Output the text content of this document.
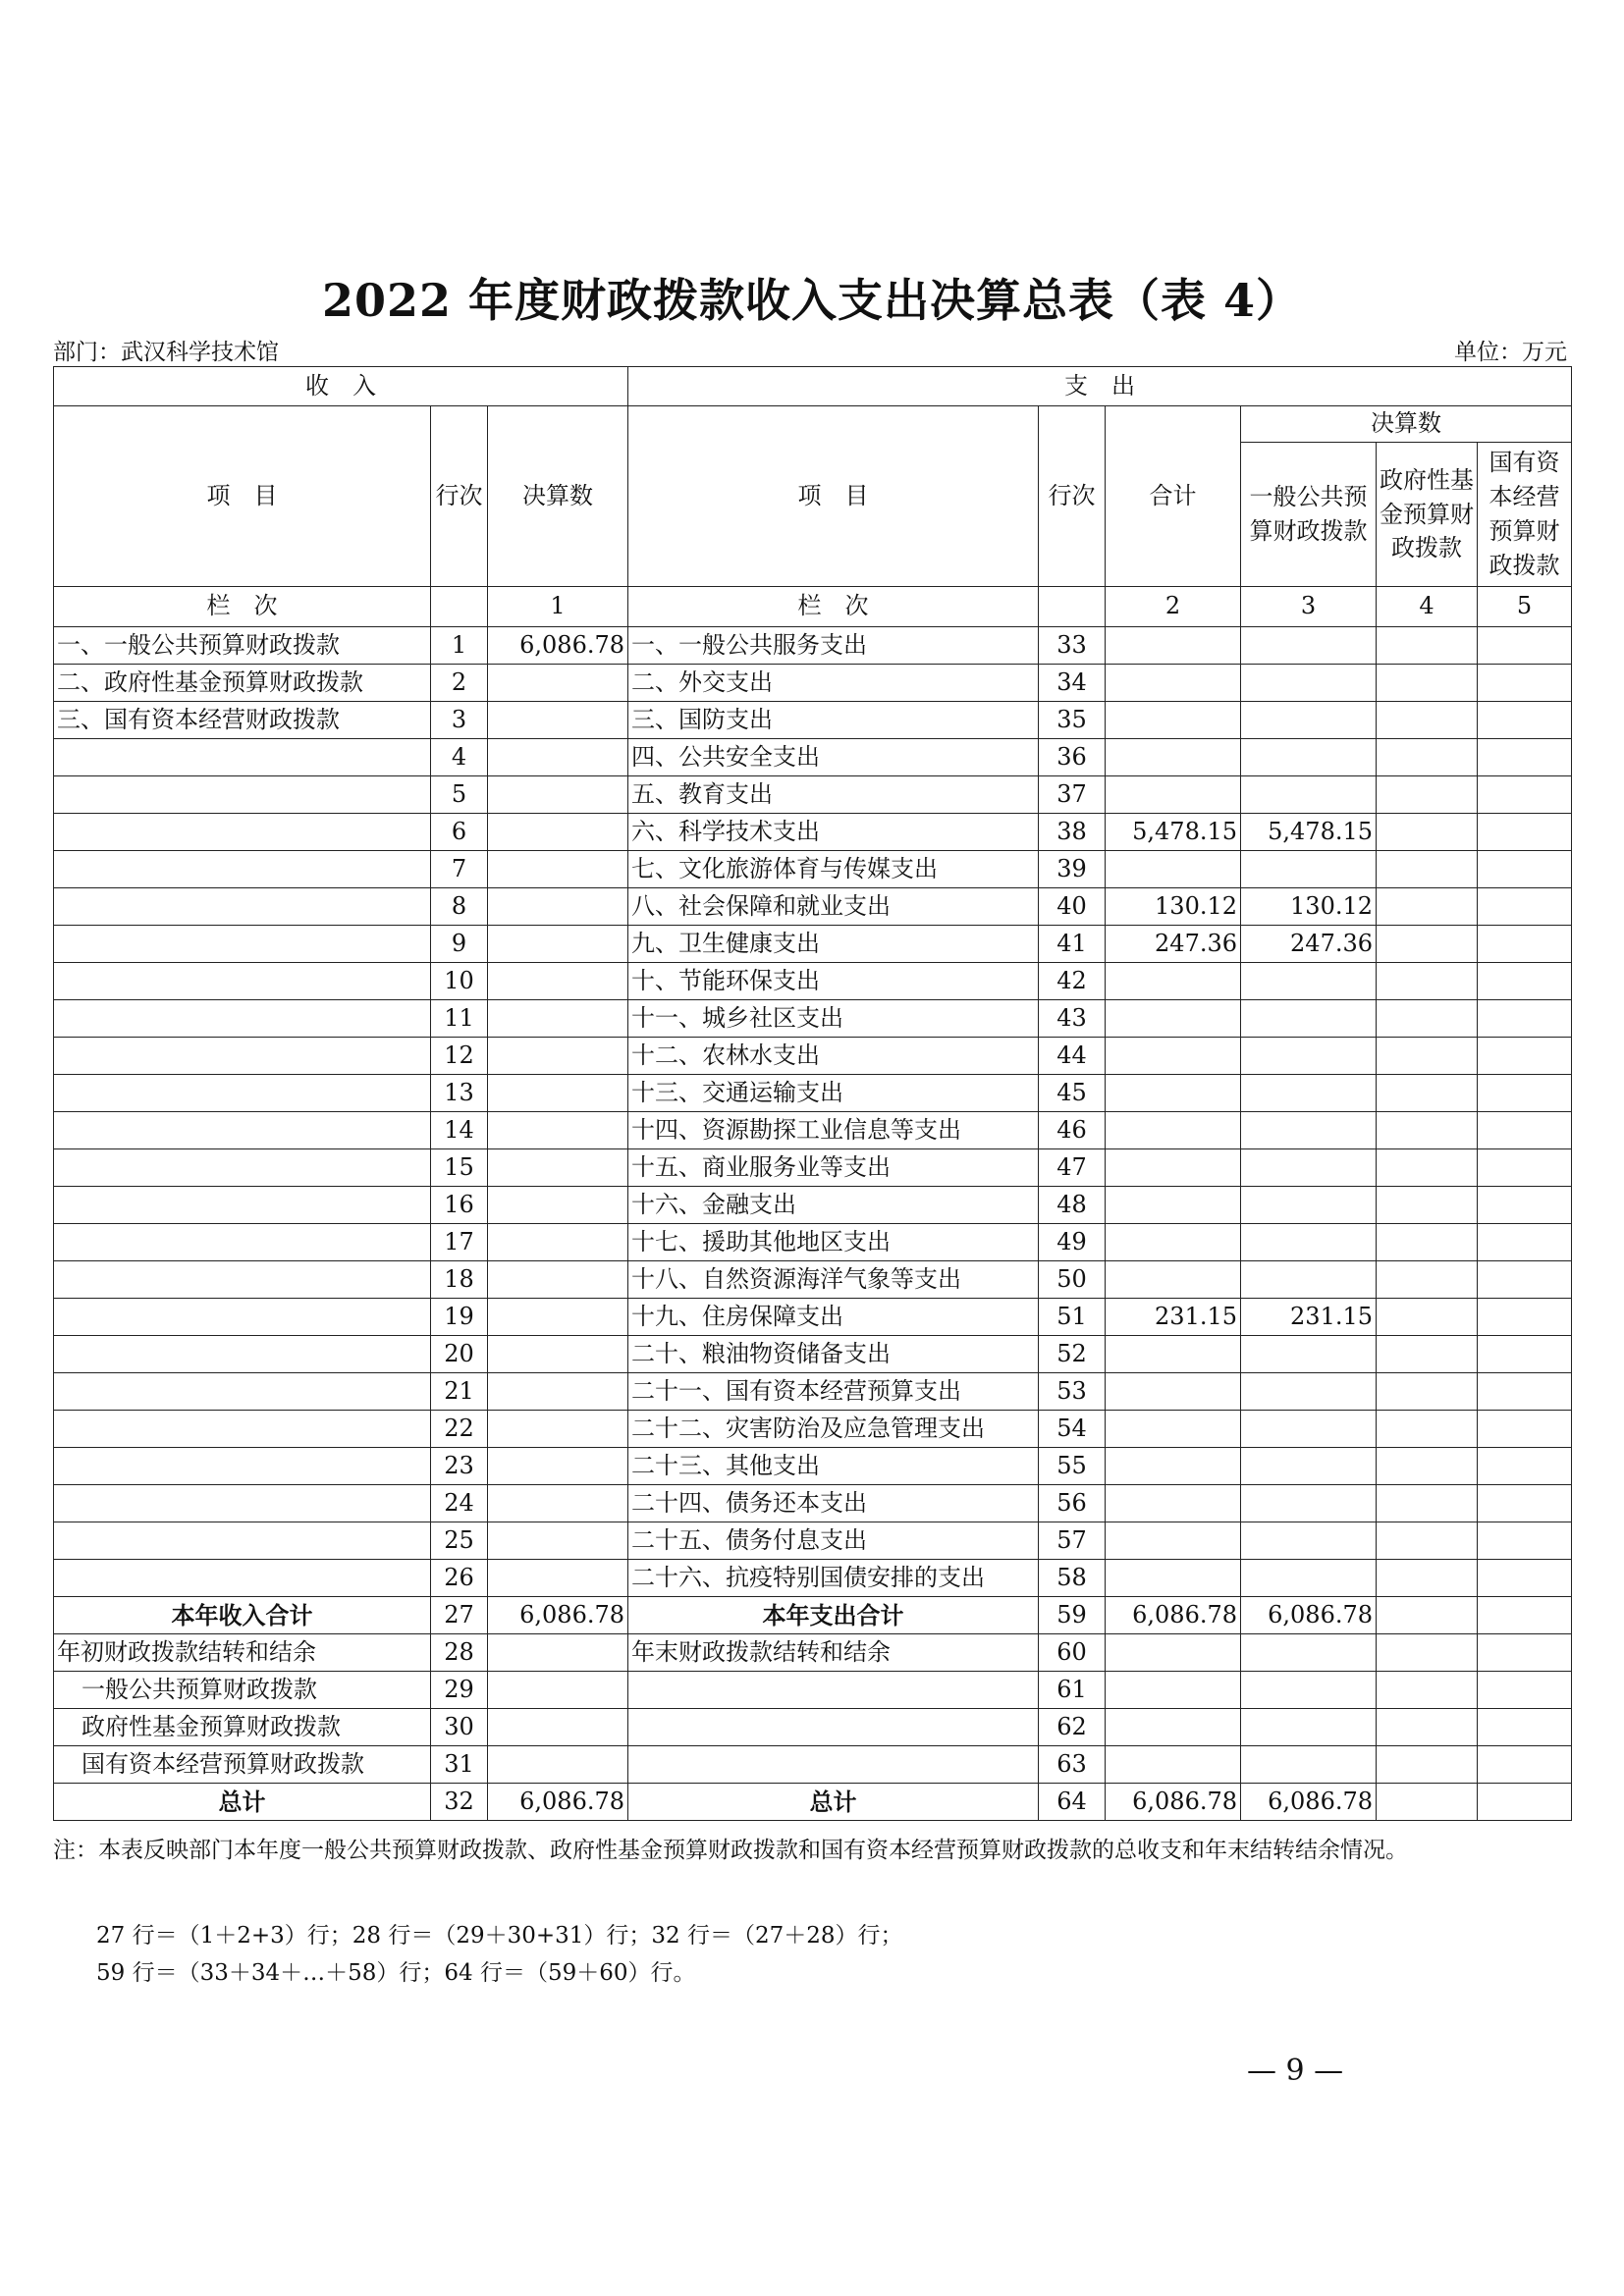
2022 年度财政拨款收入支出决算总表（表 4）
部门：武汉科学技术馆	单位：万元
收　入			支　出					
项　目	行次	决算数	项　目	行次	合计	决算数		
						一般公共预算财政拨款	政府性基金预算财政拨款	国有资本经营预算财政拨款
栏　次		1	栏　次		2	3	4	5
一、一般公共预算财政拨款	1	6,086.78	一、一般公共服务支出	33				
二、政府性基金预算财政拨款	2		二、外交支出	34				
三、国有资本经营财政拨款	3		三、国防支出	35				
	4		四、公共安全支出	36				
	5		五、教育支出	37				
	6		六、科学技术支出	38	5,478.15	5,478.15		
	7		七、文化旅游体育与传媒支出	39				
	8		八、社会保障和就业支出	40	130.12	130.12		
	9		九、卫生健康支出	41	247.36	247.36		
	10		十、节能环保支出	42				
	11		十一、城乡社区支出	43				
	12		十二、农林水支出	44				
	13		十三、交通运输支出	45				
	14		十四、资源勘探工业信息等支出	46				
	15		十五、商业服务业等支出	47				
	16		十六、金融支出	48				
	17		十七、援助其他地区支出	49				
	18		十八、自然资源海洋气象等支出	50				
	19		十九、住房保障支出	51	231.15	231.15		
	20		二十、粮油物资储备支出	52				
	21		二十一、国有资本经营预算支出	53				
	22		二十二、灾害防治及应急管理支出	54				
	23		二十三、其他支出	55				
	24		二十四、债务还本支出	56				
	25		二十五、债务付息支出	57				
	26		二十六、抗疫特别国债安排的支出	58				
本年收入合计	27	6,086.78	本年支出合计	59	6,086.78	6,086.78		
年初财政拨款结转和结余	28		年末财政拨款结转和结余	60				
一般公共预算财政拨款	29			61				
政府性基金预算财政拨款	30			62				
国有资本经营预算财政拨款	31			63				
总计	32	6,086.78	总计	64	6,086.78	6,086.78		
注：本表反映部门本年度一般公共预算财政拨款、政府性基金预算财政拨款和国有资本经营预算财政拨款的总收支和年末结转结余情况。
27 行＝（1＋2+3）行；28 行＝（29＋30+31）行；32 行＝（27＋28）行；
59 行＝（33＋34＋…＋58）行；64 行＝（59＋60）行。
— 9 —
